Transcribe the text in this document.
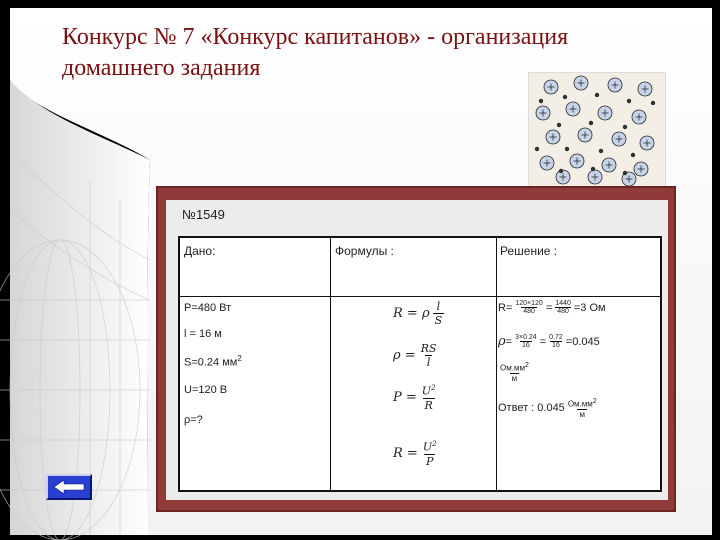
Конкурс № 7 «Конкурс капитанов» - организация
домашнего задания
№1549
Дано:	Формулы :	Решение :
P=480 Вт
l = 16 м
S=0.24 $мм^2$
U=120 В
ρ=?
R = ρ $\frac{l}{S}$
$\rho = \frac{RS}{l}$
$P = \frac{U^2}{R}$
$R = \frac{U^2}{P}$
$R= \frac{120\times 120}{480} = \frac{1440}{480} =3$ Ом
$\rho = \frac{3\times 0.24}{16} = \frac{0.72}{16} =0.045$
$\frac{Ом.мм^2}{м}$
Ответ : $0.045 \frac{Ом.мм^2}{м}$
